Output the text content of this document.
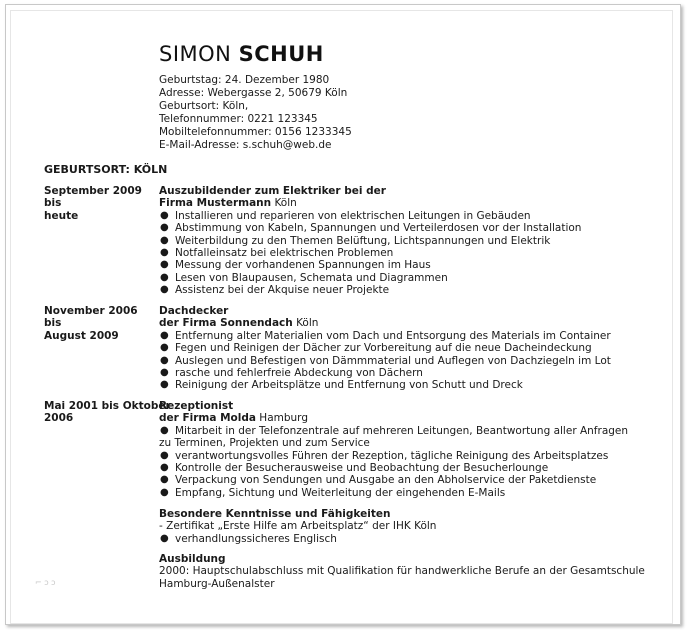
SIMON SCHUH
Geburtstag: 24. Dezember 1980
Adresse: Webergasse 2, 50679 Köln
Geburtsort: Köln,
Telefonnummer: 0221 123345
Mobiltelefonnummer: 0156 1233345
E-Mail-Adresse: s.schuh@web.de
GEBURTSORT: KÖLN
September 2009 bis
heute
Auszubildender zum Elektriker bei der
Firma Mustermann Köln
● Installieren und reparieren von elektrischen Leitungen in Gebäuden
● Abstimmung von Kabeln, Spannungen und Verteilerdosen vor der Installation
● Weiterbildung zu den Themen Belüftung, Lichtspannungen und Elektrik
● Notfalleinsatz bei elektrischen Problemen
● Messung der vorhandenen Spannungen im Haus
● Lesen von Blaupausen, Schemata und Diagrammen
● Assistenz bei der Akquise neuer Projekte
November 2006 bis
August 2009
Dachdecker
der Firma Sonnendach Köln
● Entfernung alter Materialien vom Dach und Entsorgung des Materials im Container
● Fegen und Reinigen der Dächer zur Vorbereitung auf die neue Dacheindeckung
● Auslegen und Befestigen von Dämmmaterial und Auflegen von Dachziegeln im Lot
● rasche und fehlerfreie Abdeckung von Dächern
● Reinigung der Arbeitsplätze und Entfernung von Schutt und Dreck
Mai 2001 bis Oktober
2006
Rezeptionist
der Firma Molda Hamburg
● Mitarbeit in der Telefonzentrale auf mehreren Leitungen, Beantwortung aller Anfragen zu Terminen, Projekten und zum Service
● verantwortungsvolles Führen der Rezeption, tägliche Reinigung des Arbeitsplatzes
● Kontrolle der Besucherausweise und Beobachtung der Besucherlounge
● Verpackung von Sendungen und Ausgabe an den Abholservice der Paketdienste
● Empfang, Sichtung und Weiterleitung der eingehenden E-Mails
Besondere Kenntnisse und Fähigkeiten
- Zertifikat „Erste Hilfe am Arbeitsplatz“ der IHK Köln
● verhandlungssicheres Englisch
Ausbildung
2000: Hauptschulabschluss mit Qualifikation für handwerkliche Berufe an der Gesamtschule
Hamburg-Außenalster
⌐ ↄ ↄ
